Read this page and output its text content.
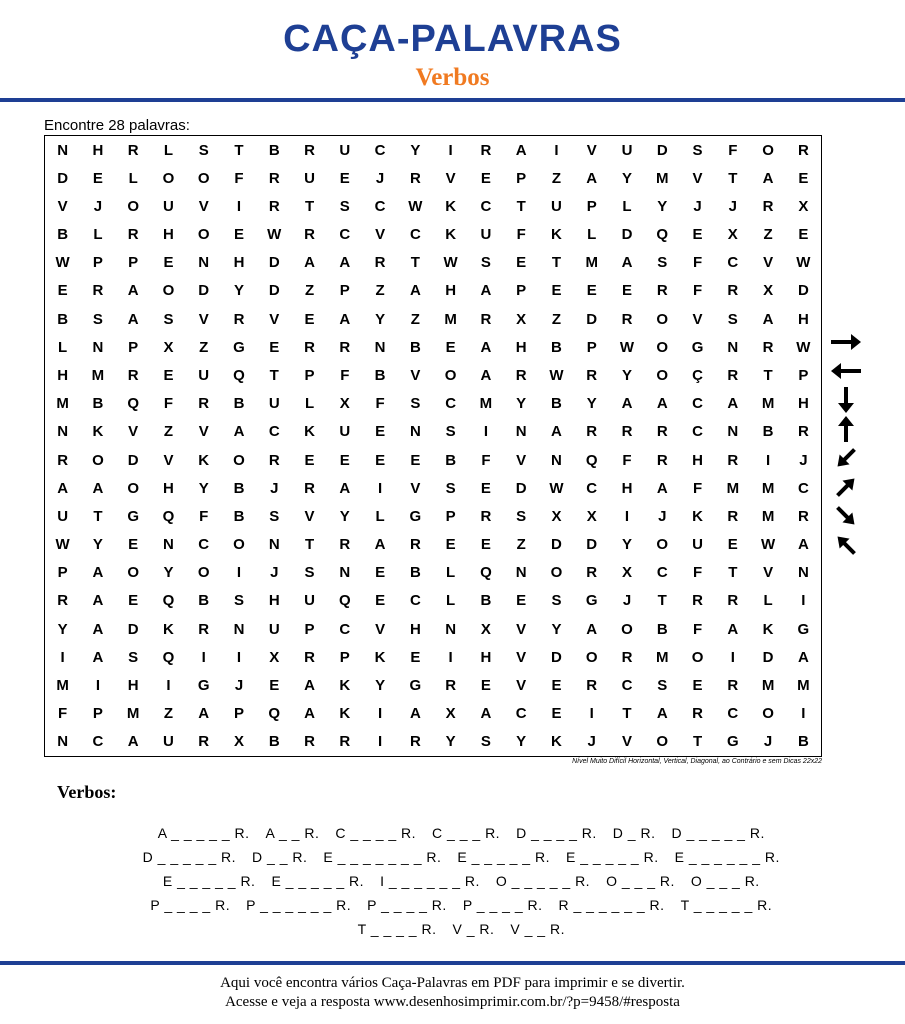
CAÇA-PALAVRAS
Verbos
Encontre 28 palavras:
N	H	R	L	S	T	B	R	U	C	Y	I	R	A	I	V	U	D	S	F	O	R
D	E	L	O	O	F	R	U	E	J	R	V	E	P	Z	A	Y	M	V	T	A	E
V	J	O	U	V	I	R	T	S	C	W	K	C	T	U	P	L	Y	J	J	R	X
B	L	R	H	O	E	W	R	C	V	C	K	U	F	K	L	D	Q	E	X	Z	E
W	P	P	E	N	H	D	A	A	R	T	W	S	E	T	M	A	S	F	C	V	W
E	R	A	O	D	Y	D	Z	P	Z	A	H	A	P	E	E	E	R	F	R	X	D
B	S	A	S	V	R	V	E	A	Y	Z	M	R	X	Z	D	R	O	V	S	A	H
L	N	P	X	Z	G	E	R	R	N	B	E	A	H	B	P	W	O	G	N	R	W
H	M	R	E	U	Q	T	P	F	B	V	O	A	R	W	R	Y	O	Ç	R	T	P
M	B	Q	F	R	B	U	L	X	F	S	C	M	Y	B	Y	A	A	C	A	M	H
N	K	V	Z	V	A	C	K	U	E	N	S	I	N	A	R	R	R	C	N	B	R
R	O	D	V	K	O	R	E	E	E	E	B	F	V	N	Q	F	R	H	R	I	J
A	A	O	H	Y	B	J	R	A	I	V	S	E	D	W	C	H	A	F	M	M	C
U	T	G	Q	F	B	S	V	Y	L	G	P	R	S	X	X	I	J	K	R	M	R
W	Y	E	N	C	O	N	T	R	A	R	E	E	Z	D	D	Y	O	U	E	W	A
P	A	O	Y	O	I	J	S	N	E	B	L	Q	N	O	R	X	C	F	T	V	N
R	A	E	Q	B	S	H	U	Q	E	C	L	B	E	S	G	J	T	R	R	L	I
Y	A	D	K	R	N	U	P	C	V	H	N	X	V	Y	A	O	B	F	A	K	G
I	A	S	Q	I	I	X	R	P	K	E	I	H	V	D	O	R	M	O	I	D	A
M	I	H	I	G	J	E	A	K	Y	G	R	E	V	E	R	C	S	E	R	M	M
F	P	M	Z	A	P	Q	A	K	I	A	X	A	C	E	I	T	A	R	C	O	I
N	C	A	U	R	X	B	R	R	I	R	Y	S	Y	K	J	V	O	T	G	J	B
Nível Muito Difícil Horizontal, Vertical, Diagonal, ao Contrário e sem Dicas 22x22
Verbos:

A _ _ _ _ _ R. A _ _ R. C _ _ _ _ R. C _ _ _ R. D _ _ _ _ R. D _ R. D _ _ _ _ _ R.

D _ _ _ _ _ R. D _ _ R. E _ _ _ _ _ _ _ R. E _ _ _ _ _ R. E _ _ _ _ _ R. E _ _ _ _ _ _ R.

E _ _ _ _ _ R. E _ _ _ _ _ R. I _ _ _ _ _ _ R. O _ _ _ _ _ R. O _ _ _ R. O _ _ _ R.

P _ _ _ _ R. P _ _ _ _ _ _ R. P _ _ _ _ R. P _ _ _ _ R. R _ _ _ _ _ _ R. T _ _ _ _ _ R.

T _ _ _ _ R. V _ R. V _ _ R.

Aqui você encontra vários Caça-Palavras em PDF para imprimir e se divertir.
Acesse e veja a resposta www.desenhosimprimir.com.br/?p=9458/#resposta
